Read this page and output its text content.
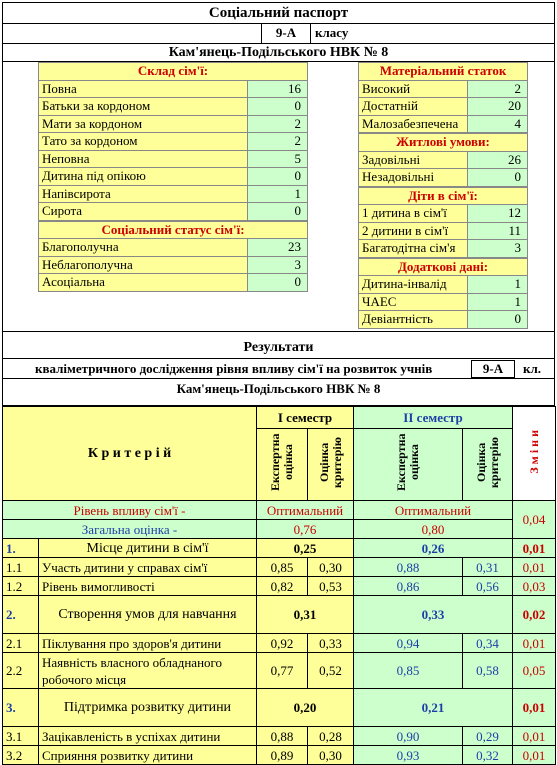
Соціальний паспорт
9-А	класу
Кам'янець-Подільського НВК № 8
Склад сім'ї:	
Повна	16
Батьки за кордоном	0
Мати за кордоном	2
Тато за кордоном	2
Неповна	5
Дитина під опікою	0
Напівсирота	1
Сирота	0
Соціальний статус сім'ї:	
Благополучна	23
Неблагополучна	3
Асоціальна	0
Матеріальний статок	
Високий	2
Достатній	20
Малозабезпечена	4
Житлові умови:	
Задовільні	26
Незадовільні	0
Діти в сім'ї:	
1 дитина в сім'ї	12
2 дитини в сім'ї	11
Багатодітна сім'я	3
Додаткові дані:	
Дитина-інвалід	1
ЧАЕС	1
Девіантність	0
Результати
кваліметричного дослідження рівня впливу сім'ї на розвиток учнів	9-А	кл.
Кам'янець-Подільського НВК № 8
К р и т е р і й		І семестр		ІІ семестр		З м і н и
		Експертна оцінка	Оцінка критерію	Експертна оцінка	Оцінка критерію	
Рівень впливу сім'ї -		Оптимальний		Оптимальний		0,04
Загальна оцінка -		0,76		0,80		
1.	Місце дитини в сім'ї	0,25		0,26		0,01
1.1	Участь дитини у справах сім'ї	0,85	0,30	0,88	0,31	0,01
1.2	Рівень вимогливості	0,82	0,53	0,86	0,56	0,03
2.	Створення умов для навчання	0,31		0,33		0,02
2.1	Піклування про здоров'я дитини	0,92	0,33	0,94	0,34	0,01
2.2	Наявність власного обладнаного робочого місця	0,77	0,52	0,85	0,58	0,05
3.	Підтримка розвитку дитини	0,20		0,21		0,01
3.1	Зацікавленість в успіхах дитини	0,88	0,28	0,90	0,29	0,01
3.2	Сприяння розвитку дитини	0,89	0,30	0,93	0,32	0,01
